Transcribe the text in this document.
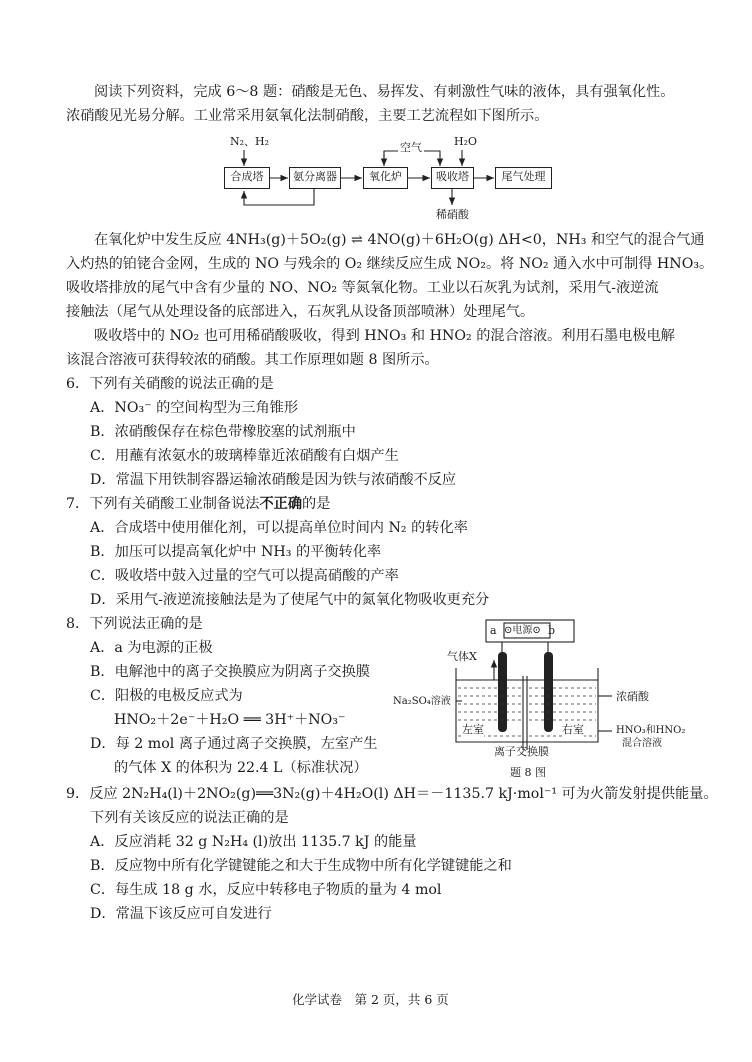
阅读下列资料，完成 6～8 题：硝酸是无色、易挥发、有刺激性气味的液体，具有强氧化性。
浓硝酸见光易分解。工业常采用氨氧化法制硝酸，主要工艺流程如下图所示。
N₂、H₂	空气	H₂O
合成塔	氨分离器	氧化炉	吸收塔	尾气处理
稀硝酸
在氧化炉中发生反应 4NH₃(g)＋5O₂(g) ⇌ 4NO(g)＋6H₂O(g) ΔH<0，NH₃ 和空气的混合气通
入灼热的铂铑合金网，生成的 NO 与残余的 O₂ 继续反应生成 NO₂。将 NO₂ 通入水中可制得 HNO₃。
吸收塔排放的尾气中含有少量的 NO、NO₂ 等氮氧化物。工业以石灰乳为试剂，采用气-液逆流
接触法（尾气从处理设备的底部进入，石灰乳从设备顶部喷淋）处理尾气。
吸收塔中的 NO₂ 也可用稀硝酸吸收，得到 HNO₃ 和 HNO₂ 的混合溶液。利用石墨电极电解
该混合溶液可获得较浓的硝酸。其工作原理如题 8 图所示。
6．下列有关硝酸的说法正确的是
A．NO₃⁻ 的空间构型为三角锥形
B．浓硝酸保存在棕色带橡胶塞的试剂瓶中
C．用蘸有浓氨水的玻璃棒靠近浓硝酸有白烟产生
D．常温下用铁制容器运输浓硝酸是因为铁与浓硝酸不反应
7．下列有关硝酸工业制备说法不正确的是
A．合成塔中使用催化剂，可以提高单位时间内 N₂ 的转化率
B．加压可以提高氧化炉中 NH₃ 的平衡转化率
C．吸收塔中鼓入过量的空气可以提高硝酸的产率
D．采用气-液逆流接触法是为了使尾气中的氮氧化物吸收更充分
8．下列说法正确的是
A．a 为电源的正极
B．电解池中的离子交换膜应为阴离子交换膜
C．阳极的电极反应式为
HNO₂＋2e⁻＋H₂O ══ 3H⁺＋NO₃⁻
D．每 2 mol 离子通过离子交换膜，左室产生
的气体 X 的体积为 22.4 L（标准状况）
a	b
⊙电源⊙
气体X
Na₂SO₄溶液	浓硝酸
左室	右室	HNO₃和HNO₂
混合溶液
离子交换膜
题 8 图
9．反应 2N₂H₄(l)＋2NO₂(g)══3N₂(g)＋4H₂O(l) ΔH＝－1135.7 kJ·mol⁻¹ 可为火箭发射提供能量。
下列有关该反应的说法正确的是
A．反应消耗 32 g N₂H₄ (l)放出 1135.7 kJ 的能量
B．反应物中所有化学键键能之和大于生成物中所有化学键键能之和
C．每生成 18 g 水，反应中转移电子物质的量为 4 mol
D．常温下该反应可自发进行
化学试卷　第 2 页，共 6 页
